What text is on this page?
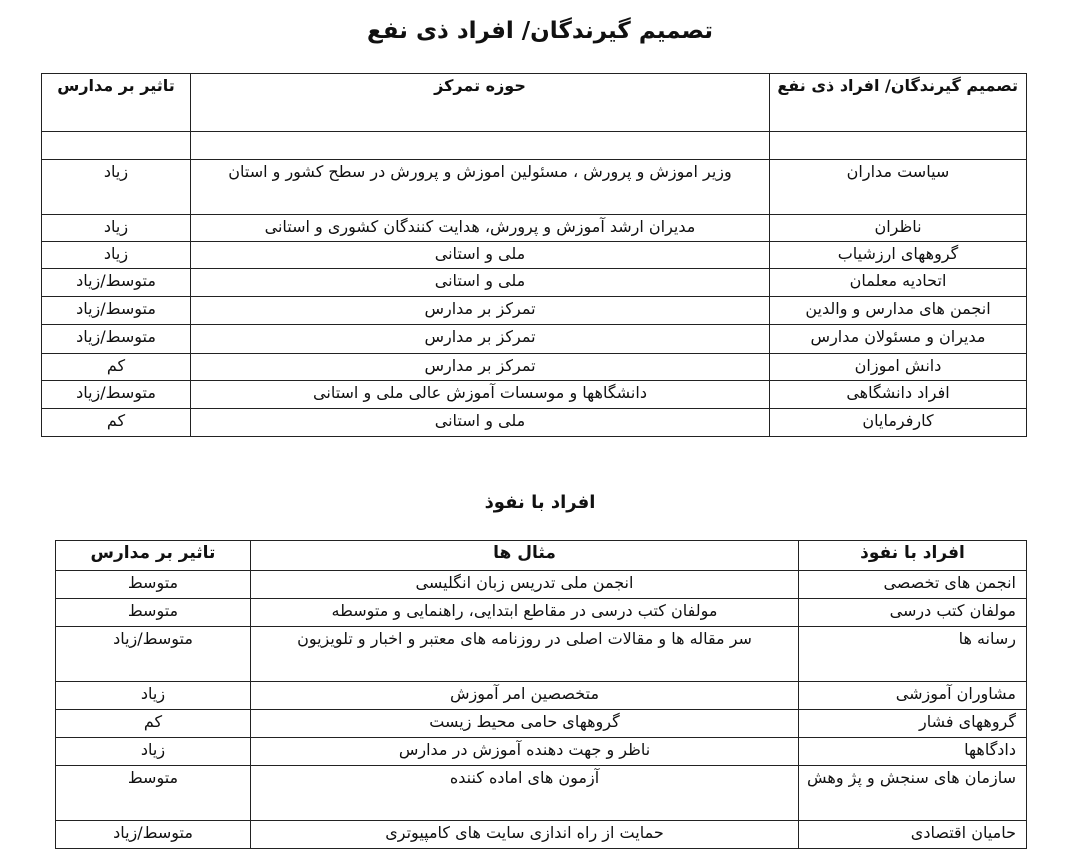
تصمیم گیرندگان/ افراد ذی نفع
تصمیم گیرندگان/ افراد ذی نفع	حوزه تمرکز	تاثیر بر مدارس

سیاست مداران	وزیر اموزش و پرورش ، مسئولین اموزش و پرورش در سطح کشور و استان	زیاد
ناظران	مدیران ارشد آموزش و پرورش، هدایت کنندگان کشوری و استانی	زیاد
گروههای ارزشیاب	ملی و استانی	زیاد
اتحادیه معلمان	ملی و استانی	متوسط/زیاد
انجمن های مدارس و والدین	تمرکز بر مدارس	متوسط/زیاد
مدیران و مسئولان مدارس	تمرکز بر مدارس	متوسط/زیاد
دانش اموزان	تمرکز بر مدارس	کم
افراد دانشگاهی	دانشگاهها و موسسات آموزش عالی ملی و استانی	متوسط/زیاد
کارفرمایان	ملی و استانی	کم
افراد با نفوذ
افراد با نفوذ	مثال ها	تاثیر بر مدارس
انجمن های تخصصی	انجمن ملی تدریس زبان انگلیسی	متوسط
مولفان کتب درسی	مولفان کتب درسی در مقاطع ابتدایی، راهنمایی و متوسطه	متوسط
رسانه ها	سر مقاله ها و مقالات اصلی در روزنامه های معتبر و اخبار و تلویزیون	متوسط/زیاد
مشاوران آموزشی	متخصصین امر آموزش	زیاد
گروههای فشار	گروههای حامی محیط زیست	کم
دادگاهها	ناظر و جهت دهنده آموزش در مدارس	زیاد
سازمان های سنجش و پژ وهش	آزمون های اماده کننده	متوسط
حامیان اقتصادی	حمایت از راه اندازی سایت های کامپیوتری	متوسط/زیاد
